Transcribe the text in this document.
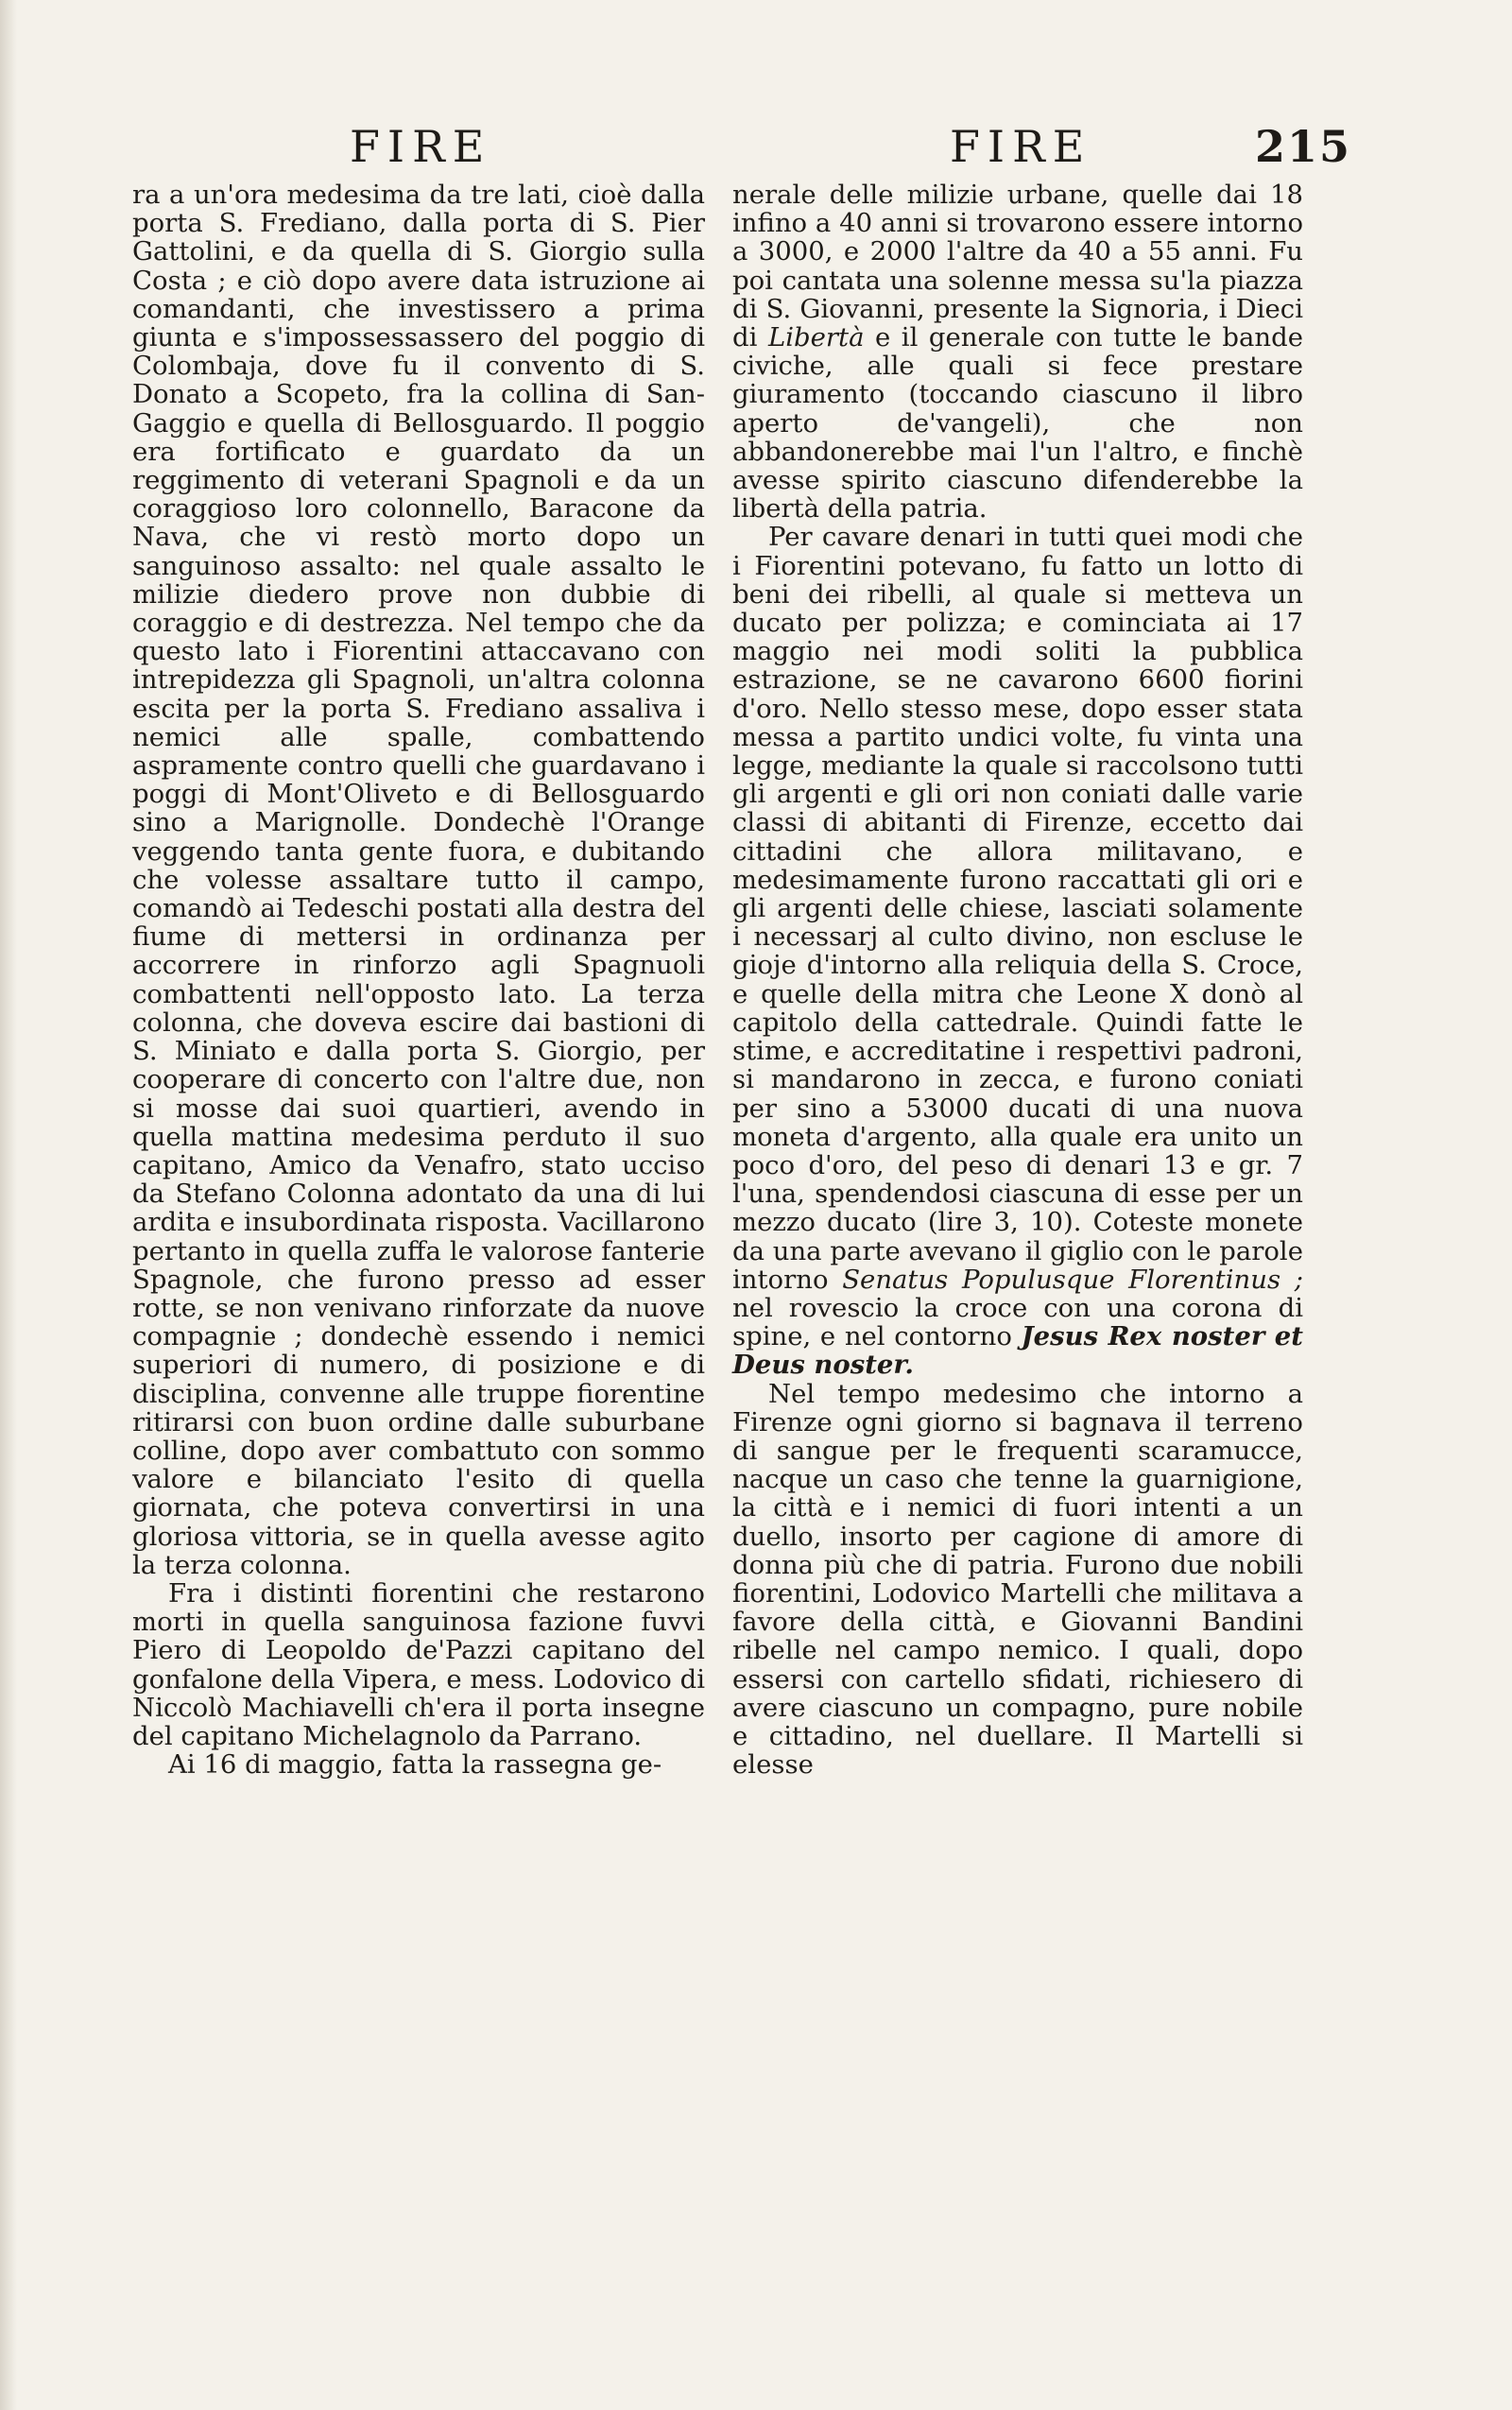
FIRE	FIRE	215

ra a un'ora medesima da tre lati, cioè dalla porta S. Frediano, dalla porta di S. Pier Gattolini, e da quella di S. Giorgio sulla Costa ; e ciò dopo avere data istruzione ai comandanti, che investissero a prima giunta e s'impossessassero del poggio di Colombaja, dove fu il convento di S. Donato a Scopeto, fra la collina di San-Gaggio e quella di Bellosguardo. Il poggio era fortificato e guardato da un reggimento di veterani Spagnoli e da un coraggioso loro colonnello, Baracone da Nava, che vi restò morto dopo un sanguinoso assalto: nel quale assalto le milizie diedero prove non dubbie di coraggio e di destrezza. Nel tempo che da questo lato i Fiorentini attaccavano con intrepidezza gli Spagnoli, un'altra colonna escita per la porta S. Frediano assaliva i nemici alle spalle, combattendo aspramente contro quelli che guardavano i poggi di Mont'Oliveto e di Bellosguardo sino a Marignolle. Dondechè l'Orange veggendo tanta gente fuora, e dubitando che volesse assaltare tutto il campo, comandò ai Tedeschi postati alla destra del fiume di mettersi in ordinanza per accorrere in rinforzo agli Spagnuoli combattenti nell'opposto lato. La terza colonna, che doveva escire dai bastioni di S. Miniato e dalla porta S. Giorgio, per cooperare di concerto con l'altre due, non si mosse dai suoi quartieri, avendo in quella mattina medesima perduto il suo capitano, Amico da Venafro, stato ucciso da Stefano Colonna adontato da una di lui ardita e insubordinata risposta. Vacillarono pertanto in quella zuffa le valorose fanterie Spagnole, che furono presso ad esser rotte, se non venivano rinforzate da nuove compagnie ; dondechè essendo i nemici superiori di numero, di posizione e di disciplina, convenne alle truppe fiorentine ritirarsi con buon ordine dalle suburbane colline, dopo aver combattuto con sommo valore e bilanciato l'esito di quella giornata, che poteva convertirsi in una gloriosa vittoria, se in quella avesse agito la terza colonna.

Fra i distinti fiorentini che restarono morti in quella sanguinosa fazione fuvvi Piero di Leopoldo de'Pazzi capitano del gonfalone della Vipera, e mess. Lodovico di Niccolò Machiavelli ch'era il porta insegne del capitano Michelagnolo da Parrano.

Ai 16 di maggio, fatta la rassegna ge-

nerale delle milizie urbane, quelle dai 18 infino a 40 anni si trovarono essere intorno a 3000, e 2000 l'altre da 40 a 55 anni. Fu poi cantata una solenne messa su'la piazza di S. Giovanni, presente la Signoria, i Dieci di Libertà e il generale con tutte le bande civiche, alle quali si fece prestare giuramento (toccando ciascuno il libro aperto de'vangeli), che non abbandonerebbe mai l'un l'altro, e finchè avesse spirito ciascuno difenderebbe la libertà della patria.

Per cavare denari in tutti quei modi che i Fiorentini potevano, fu fatto un lotto di beni dei ribelli, al quale si metteva un ducato per polizza; e cominciata ai 17 maggio nei modi soliti la pubblica estrazione, se ne cavarono 6600 fiorini d'oro. Nello stesso mese, dopo esser stata messa a partito undici volte, fu vinta una legge, mediante la quale si raccolsono tutti gli argenti e gli ori non coniati dalle varie classi di abitanti di Firenze, eccetto dai cittadini che allora militavano, e medesimamente furono raccattati gli ori e gli argenti delle chiese, lasciati solamente i necessarj al culto divino, non escluse le gioje d'intorno alla reliquia della S. Croce, e quelle della mitra che Leone X donò al capitolo della cattedrale. Quindi fatte le stime, e accreditatine i respettivi padroni, si mandarono in zecca, e furono coniati per sino a 53000 ducati di una nuova moneta d'argento, alla quale era unito un poco d'oro, del peso di denari 13 e gr. 7 l'una, spendendosi ciascuna di esse per un mezzo ducato (lire 3, 10). Coteste monete da una parte avevano il giglio con le parole intorno Senatus Populusque Florentinus ; nel rovescio la croce con una corona di spine, e nel contorno Jesus Rex noster et Deus noster.

Nel tempo medesimo che intorno a Firenze ogni giorno si bagnava il terreno di sangue per le frequenti scaramucce, nacque un caso che tenne la guarnigione, la città e i nemici di fuori intenti a un duello, insorto per cagione di amore di donna più che di patria. Furono due nobili fiorentini, Lodovico Martelli che militava a favore della città, e Giovanni Bandini ribelle nel campo nemico. I quali, dopo essersi con cartello sfidati, richiesero di avere ciascuno un compagno, pure nobile e cittadino, nel duellare. Il Martelli si elesse
